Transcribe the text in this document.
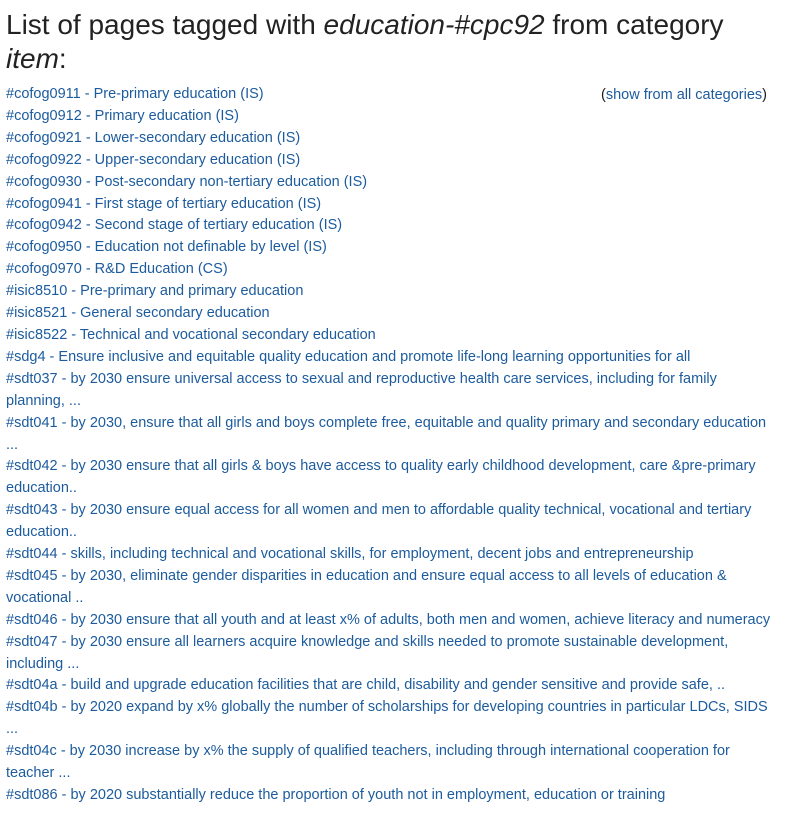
List of pages tagged with education-#cpc92 from category item:
(show from all categories)
#cofog0911 - Pre-primary education (IS)
#cofog0912 - Primary education (IS)
#cofog0921 - Lower-secondary education (IS)
#cofog0922 - Upper-secondary education (IS)
#cofog0930 - Post-secondary non-tertiary education (IS)
#cofog0941 - First stage of tertiary education (IS)
#cofog0942 - Second stage of tertiary education (IS)
#cofog0950 - Education not definable by level (IS)
#cofog0970 - R&D Education (CS)
#isic8510 - Pre-primary and primary education
#isic8521 - General secondary education
#isic8522 - Technical and vocational secondary education
#sdg4 - Ensure inclusive and equitable quality education and promote life-long learning opportunities for all
#sdt037 - by 2030 ensure universal access to sexual and reproductive health care services, including for family planning, ...
#sdt041 - by 2030, ensure that all girls and boys complete free, equitable and quality primary and secondary education ...
#sdt042 - by 2030 ensure that all girls & boys have access to quality early childhood development, care &pre-primary education..
#sdt043 - by 2030 ensure equal access for all women and men to affordable quality technical, vocational and tertiary education..
#sdt044 - skills, including technical and vocational skills, for employment, decent jobs and entrepreneurship
#sdt045 - by 2030, eliminate gender disparities in education and ensure equal access to all levels of education & vocational ..
#sdt046 - by 2030 ensure that all youth and at least x% of adults, both men and women, achieve literacy and numeracy
#sdt047 - by 2030 ensure all learners acquire knowledge and skills needed to promote sustainable development, including ...
#sdt04a - build and upgrade education facilities that are child, disability and gender sensitive and provide safe, ..
#sdt04b - by 2020 expand by x% globally the number of scholarships for developing countries in particular LDCs, SIDS ...
#sdt04c - by 2030 increase by x% the supply of qualified teachers, including through international cooperation for teacher ...
#sdt086 - by 2020 substantially reduce the proportion of youth not in employment, education or training
